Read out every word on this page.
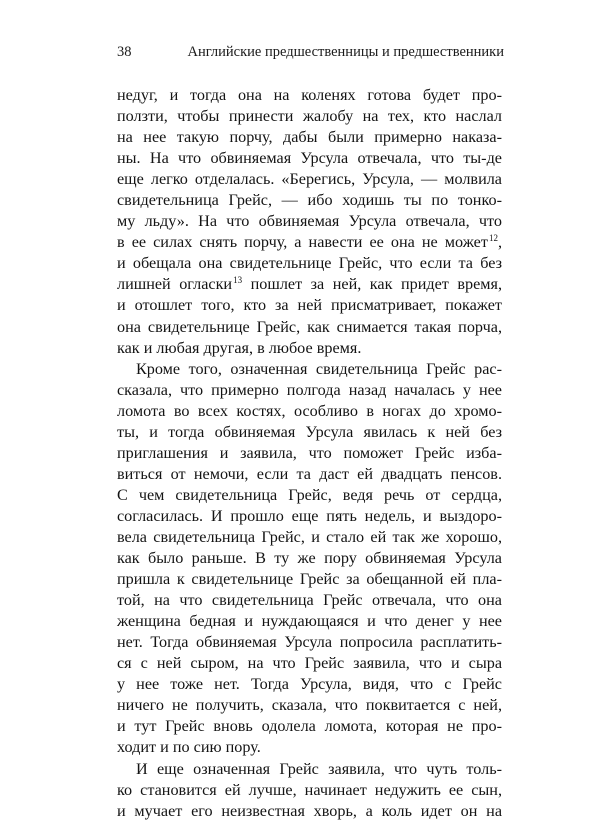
38	Английские предшественницы и предшественники
недуг, и тогда она на коленях готова будет про-
ползти, чтобы принести жалобу на тех, кто наслал
на нее такую порчу, дабы были примерно наказа-
ны. На что обвиняемая Урсула отвечала, что ты-де
еще легко отделалась. «Берегись, Урсула, — молвила
свидетельница Грейс, — ибо ходишь ты по тонко-
му льду». На что обвиняемая Урсула отвечала, что
в ее силах снять порчу, а навести ее она не может$^{12}$,
и обещала она свидетельнице Грейс, что если та без
лишней огласки$^{13}$ пошлет за ней, как придет время,
и отошлет того, кто за ней присматривает, покажет
она свидетельнице Грейс, как снимается такая порча,
как и любая другая, в любое время.
Кроме того, означенная свидетельница Грейс рас-
сказала, что примерно полгода назад началась у нее
ломота во всех костях, особливо в ногах до хромо-
ты, и тогда обвиняемая Урсула явилась к ней без
приглашения и заявила, что поможет Грейс изба-
виться от немочи, если та даст ей двадцать пенсов.
С чем свидетельница Грейс, ведя речь от сердца,
согласилась. И прошло еще пять недель, и выздоро-
вела свидетельница Грейс, и стало ей так же хорошо,
как было раньше. В ту же пору обвиняемая Урсула
пришла к свидетельнице Грейс за обещанной ей пла-
той, на что свидетельница Грейс отвечала, что она
женщина бедная и нуждающаяся и что денег у нее
нет. Тогда обвиняемая Урсула попросила расплатить-
ся с ней сыром, на что Грейс заявила, что и сыра
у нее тоже нет. Тогда Урсула, видя, что с Грейс
ничего не получить, сказала, что поквитается с ней,
и тут Грейс вновь одолела ломота, которая не про-
ходит и по сию пору.
И еще означенная Грейс заявила, что чуть толь-
ко становится ей лучше, начинает недужить ее сын,
и мучает его неизвестная хворь, а коль идет он на
